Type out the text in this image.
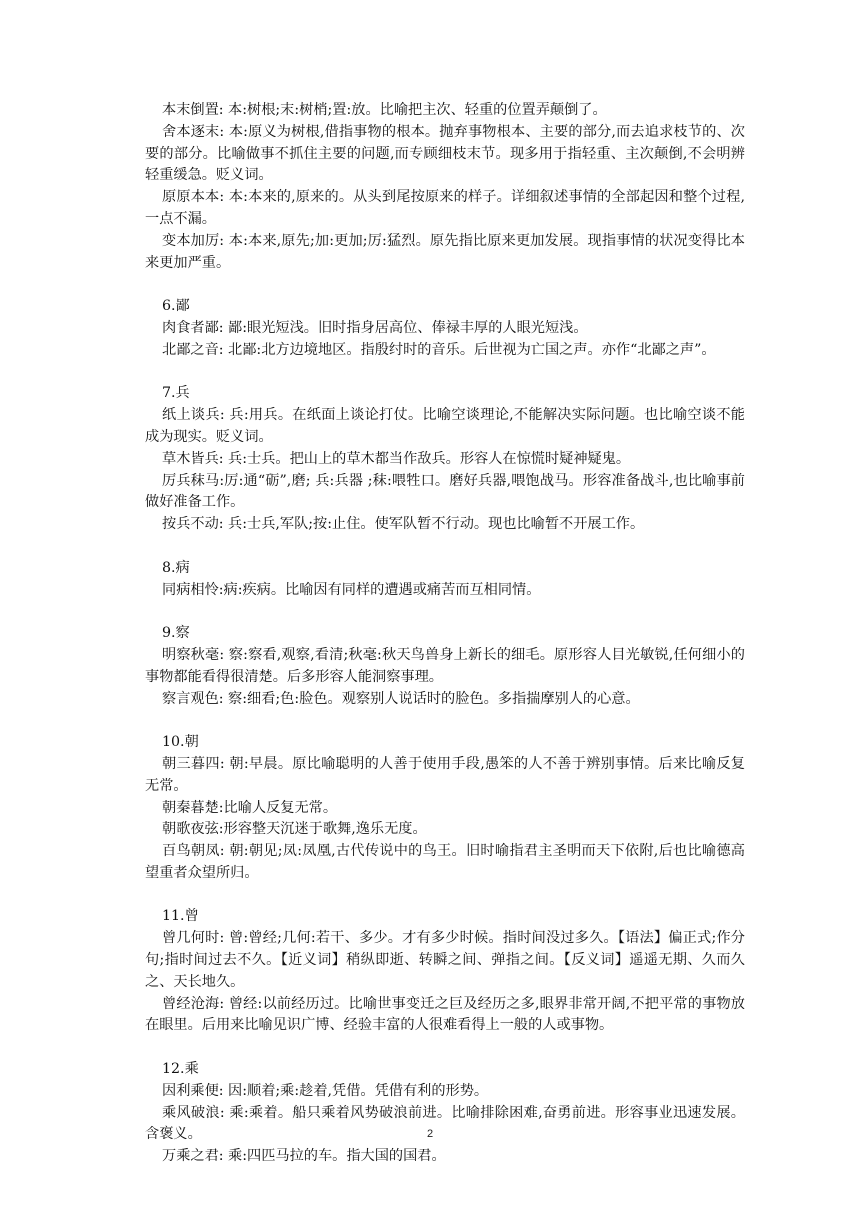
本末倒置: 本:树根;末:树梢;置:放。比喻把主次、轻重的位置弄颠倒了。

舍本逐末: 本:原义为树根,借指事物的根本。抛弃事物根本、主要的部分,而去追求枝节的、次要的部分。比喻做事不抓住主要的问题,而专顾细枝末节。现多用于指轻重、主次颠倒,不会明辨轻重缓急。贬义词。

原原本本: 本:本来的,原来的。从头到尾按原来的样子。详细叙述事情的全部起因和整个过程,一点不漏。

变本加厉: 本:本来,原先;加:更加;厉:猛烈。原先指比原来更加发展。现指事情的状况变得比本来更加严重。

6.鄙

肉食者鄙: 鄙:眼光短浅。旧时指身居高位、俸禄丰厚的人眼光短浅。

北鄙之音: 北鄙:北方边境地区。指殷纣时的音乐。后世视为亡国之声。亦作“北鄙之声”。

7.兵

纸上谈兵: 兵:用兵。在纸面上谈论打仗。比喻空谈理论,不能解决实际问题。也比喻空谈不能成为现实。贬义词。

草木皆兵: 兵:士兵。把山上的草木都当作敌兵。形容人在惊慌时疑神疑鬼。

厉兵秣马:厉:通“砺”,磨; 兵:兵器 ;秣:喂牲口。磨好兵器,喂饱战马。形容准备战斗,也比喻事前做好准备工作。

按兵不动: 兵:士兵,军队;按:止住。使军队暂不行动。现也比喻暂不开展工作。

8.病

同病相怜:病:疾病。比喻因有同样的遭遇或痛苦而互相同情。

9.察

明察秋毫: 察:察看,观察,看清;秋毫:秋天鸟兽身上新长的细毛。原形容人目光敏锐,任何细小的事物都能看得很清楚。后多形容人能洞察事理。

察言观色: 察:细看;色:脸色。观察别人说话时的脸色。多指揣摩别人的心意。

10.朝

朝三暮四: 朝:早晨。原比喻聪明的人善于使用手段,愚笨的人不善于辨别事情。后来比喻反复无常。

朝秦暮楚:比喻人反复无常。

朝歌夜弦:形容整天沉迷于歌舞,逸乐无度。

百鸟朝凤: 朝:朝见;凤:凤凰,古代传说中的鸟王。旧时喻指君主圣明而天下依附,后也比喻德高望重者众望所归。

11.曾

曾几何时: 曾:曾经;几何:若干、多少。才有多少时候。指时间没过多久。【语法】偏正式;作分句;指时间过去不久。【近义词】稍纵即逝、转瞬之间、弹指之间。【反义词】遥遥无期、久而久之、天长地久。

曾经沧海: 曾经:以前经历过。比喻世事变迁之巨及经历之多,眼界非常开阔,不把平常的事物放在眼里。后用来比喻见识广博、经验丰富的人很难看得上一般的人或事物。

12.乘

因利乘便: 因:顺着;乘:趁着,凭借。凭借有利的形势。

乘风破浪: 乘:乘着。船只乘着风势破浪前进。比喻排除困难,奋勇前进。形容事业迅速发展。含褒义。

万乘之君: 乘:四匹马拉的车。指大国的国君。

2
